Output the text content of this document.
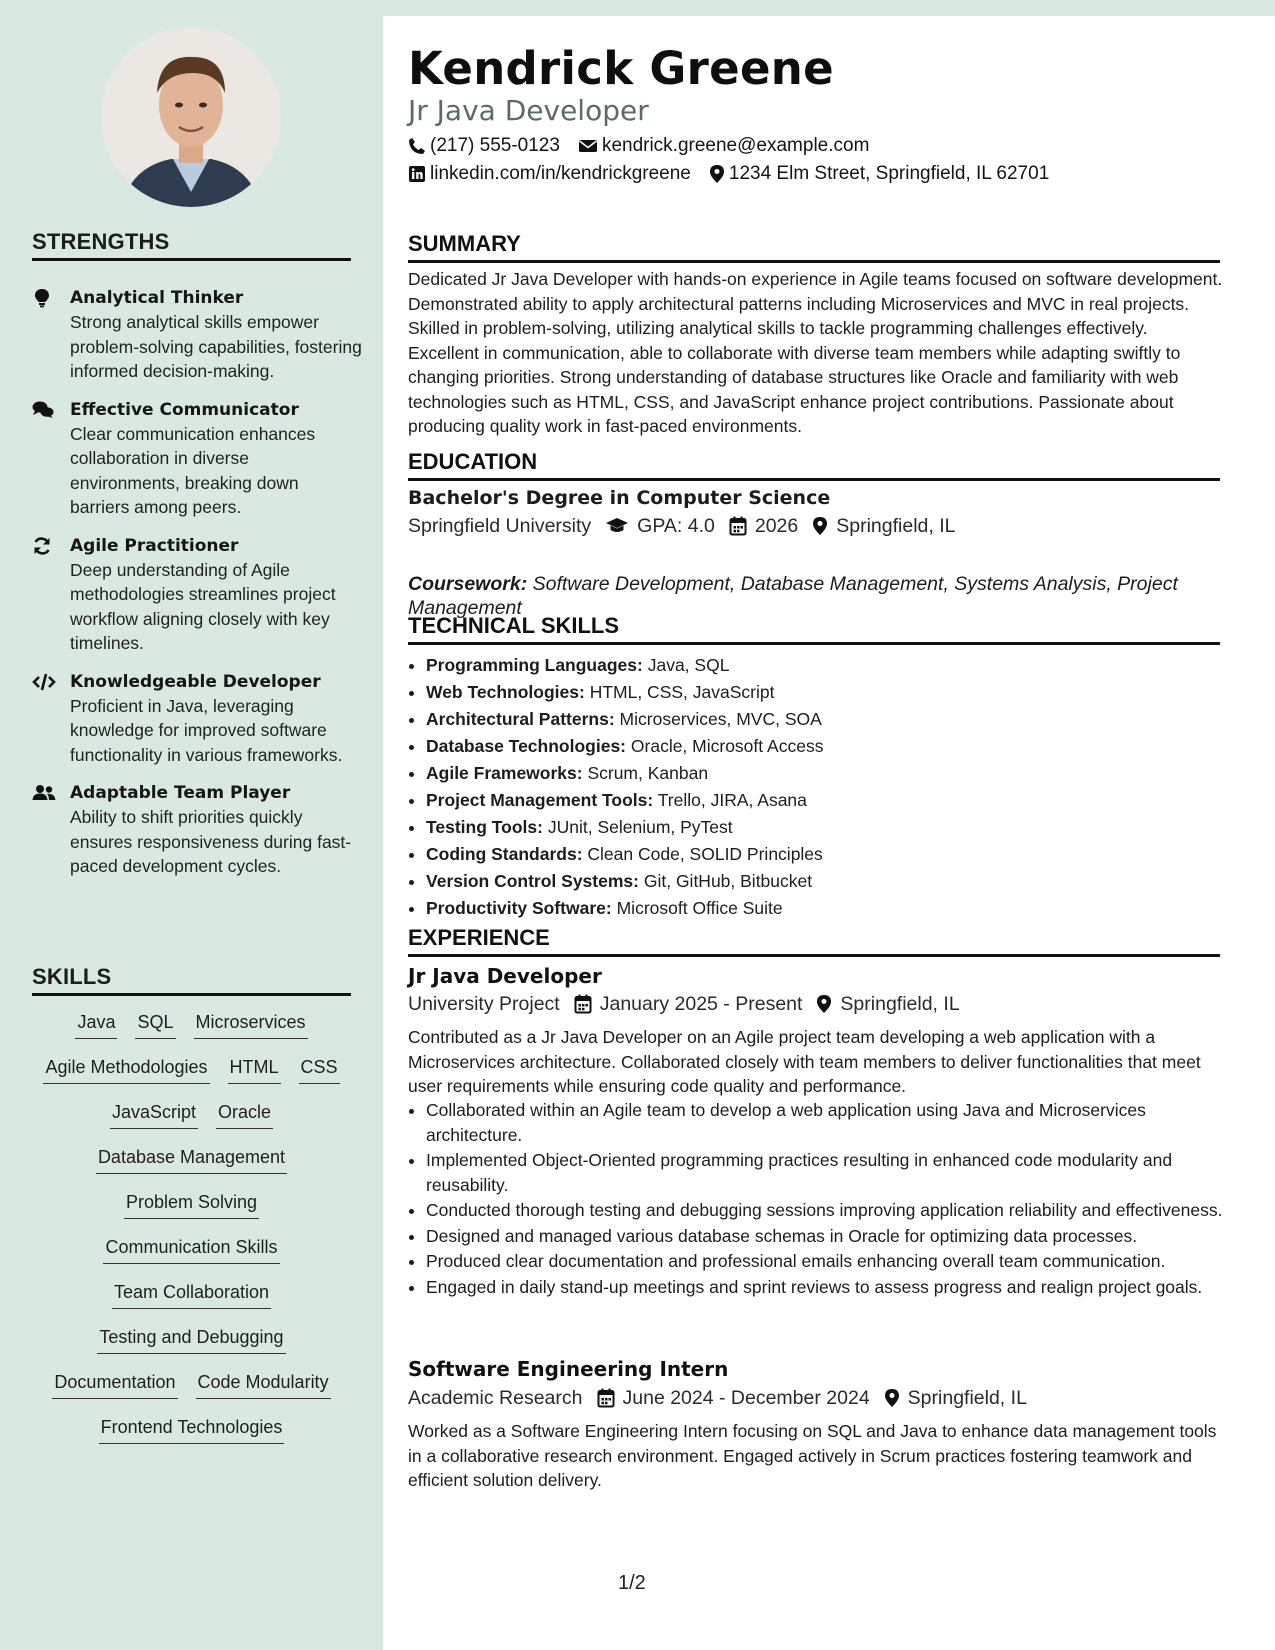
STRENGTHS
Analytical Thinker
Strong analytical skills empower problem-solving capabilities, fostering informed decision-making.
Effective Communicator
Clear communication enhances collaboration in diverse environments, breaking down barriers among peers.
Agile Practitioner
Deep understanding of Agile methodologies streamlines project workflow aligning closely with key timelines.
Knowledgeable Developer
Proficient in Java, leveraging knowledge for improved software functionality in various frameworks.
Adaptable Team Player
Ability to shift priorities quickly ensures responsiveness during fast-paced development cycles.
SKILLS
Java SQL Microservices
Agile Methodologies HTML CSS
JavaScript Oracle
Database Management
Problem Solving
Communication Skills
Team Collaboration
Testing and Debugging
Documentation Code Modularity
Frontend Technologies
Kendrick Greene
Jr Java Developer
(217) 555-0123 kendrick.greene@example.com
linkedin.com/in/kendrickgreene 1234 Elm Street, Springfield, IL 62701
SUMMARY
Dedicated Jr Java Developer with hands-on experience in Agile teams focused on software development. Demonstrated ability to apply architectural patterns including Microservices and MVC in real projects. Skilled in problem-solving, utilizing analytical skills to tackle programming challenges effectively. Excellent in communication, able to collaborate with diverse team members while adapting swiftly to changing priorities. Strong understanding of database structures like Oracle and familiarity with web technologies such as HTML, CSS, and JavaScript enhance project contributions. Passionate about producing quality work in fast-paced environments.
EDUCATION
Bachelor's Degree in Computer Science
Springfield University GPA: 4.0 2026 Springfield, IL
Coursework: Software Development, Database Management, Systems Analysis, Project Management
TECHNICAL SKILLS
• Programming Languages: Java, SQL
• Web Technologies: HTML, CSS, JavaScript
• Architectural Patterns: Microservices, MVC, SOA
• Database Technologies: Oracle, Microsoft Access
• Agile Frameworks: Scrum, Kanban
• Project Management Tools: Trello, JIRA, Asana
• Testing Tools: JUnit, Selenium, PyTest
• Coding Standards: Clean Code, SOLID Principles
• Version Control Systems: Git, GitHub, Bitbucket
• Productivity Software: Microsoft Office Suite
EXPERIENCE
Jr Java Developer
University Project January 2025 - Present Springfield, IL
Contributed as a Jr Java Developer on an Agile project team developing a web application with a Microservices architecture. Collaborated closely with team members to deliver functionalities that meet user requirements while ensuring code quality and performance.
• Collaborated within an Agile team to develop a web application using Java and Microservices architecture.
• Implemented Object-Oriented programming practices resulting in enhanced code modularity and reusability.
• Conducted thorough testing and debugging sessions improving application reliability and effectiveness.
• Designed and managed various database schemas in Oracle for optimizing data processes.
• Produced clear documentation and professional emails enhancing overall team communication.
• Engaged in daily stand-up meetings and sprint reviews to assess progress and realign project goals.
Software Engineering Intern
Academic Research June 2024 - December 2024 Springfield, IL
Worked as a Software Engineering Intern focusing on SQL and Java to enhance data management tools in a collaborative research environment. Engaged actively in Scrum practices fostering teamwork and efficient solution delivery.
1/2
